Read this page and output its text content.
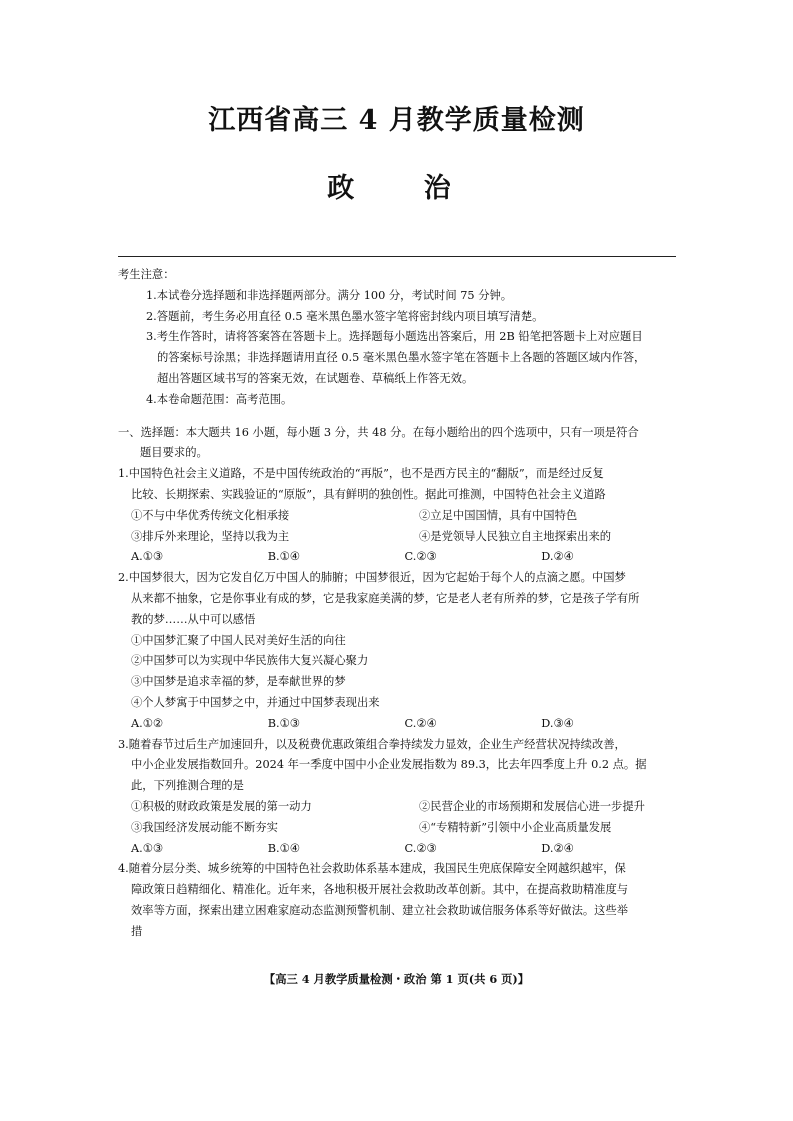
江西省高三 4 月教学质量检测
政 治
考生注意：
1.本试卷分选择题和非选择题两部分。满分 100 分，考试时间 75 分钟。
2.答题前，考生务必用直径 0.5 毫米黑色墨水签字笔将密封线内项目填写清楚。
3.考生作答时，请将答案答在答题卡上。选择题每小题选出答案后，用 2B 铅笔把答题卡上对应题目
的答案标号涂黑；非选择题请用直径 0.5 毫米黑色墨水签字笔在答题卡上各题的答题区域内作答，
超出答题区域书写的答案无效，在试题卷、草稿纸上作答无效。
4.本卷命题范围：高考范围。
一、选择题：本大题共 16 小题，每小题 3 分，共 48 分。在每小题给出的四个选项中，只有一项是符合
题目要求的。
1.中国特色社会主义道路，不是中国传统政治的“再版”，也不是西方民主的“翻版”，而是经过反复
比较、长期探索、实践验证的“原版”，具有鲜明的独创性。据此可推测，中国特色社会主义道路
①不与中华优秀传统文化相承接	②立足中国国情，具有中国特色
③排斥外来理论，坚持以我为主	④是党领导人民独立自主地探索出来的
A.①③	B.①④	C.②③	D.②④
2.中国梦很大，因为它发自亿万中国人的肺腑；中国梦很近，因为它起始于每个人的点滴之愿。中国梦
从来都不抽象，它是你事业有成的梦，它是我家庭美满的梦，它是老人老有所养的梦，它是孩子学有所
教的梦……从中可以感悟
①中国梦汇聚了中国人民对美好生活的向往
②中国梦可以为实现中华民族伟大复兴凝心聚力
③中国梦是追求幸福的梦，是奉献世界的梦
④个人梦寓于中国梦之中，并通过中国梦表现出来
A.①②	B.①③	C.②④	D.③④
3.随着春节过后生产加速回升，以及税费优惠政策组合拳持续发力显效，企业生产经营状况持续改善，
中小企业发展指数回升。2024 年一季度中国中小企业发展指数为 89.3，比去年四季度上升 0.2 点。据
此，下列推测合理的是
①积极的财政政策是发展的第一动力	②民营企业的市场预期和发展信心进一步提升
③我国经济发展动能不断夯实	④“专精特新”引领中小企业高质量发展
A.①③	B.①④	C.②③	D.②④
4.随着分层分类、城乡统筹的中国特色社会救助体系基本建成，我国民生兜底保障安全网越织越牢，保
障政策日趋精细化、精准化。近年来，各地积极开展社会救助改革创新。其中，在提高救助精准度与
效率等方面，探索出建立困难家庭动态监测预警机制、建立社会救助诚信服务体系等好做法。这些举
措
【高三 4 月教学质量检测・政治 第 1 页(共 6 页)】
